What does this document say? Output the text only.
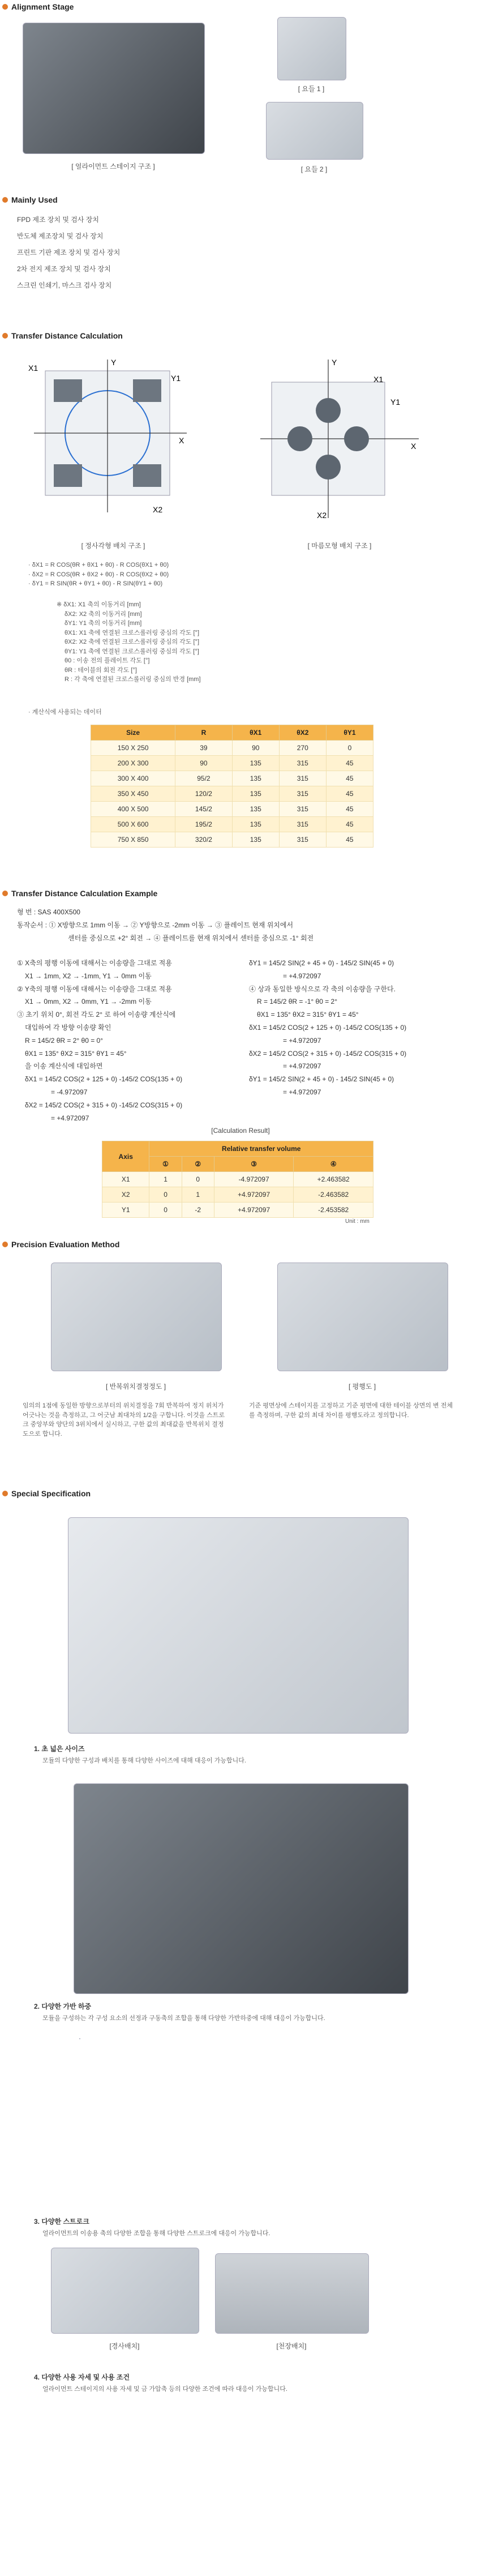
Alignment Stage
[ 얼라이먼트 스테이지 구조 ]
[ 요들 1 ]
[ 요들 2 ]
Mainly Used
FPD 제조 장치 및 검사 장치
반도체 제조장치 및 검사 장치
프린트 기판 제조 장치 및 검사 장치
2차 전지 제조 장치 및 검사 장치
스크린 인쇄기, 마스크 검사 장치
Transfer Distance Calculation
Y
X
X1
Y1
X2
[ 정사각형 배치 구조 ]
Y
X
Y1
X1
X2
[ 마름모형 배치 구조 ]
· δX1 = R COS(θR + θX1 + θ0) - R COS(θX1 + θ0)
· δX2 = R COS(θR + θX2 + θ0) - R COS(θX2 + θ0)
· δY1 = R SIN(θR + θY1 + θ0) - R SIN(θY1 + θ0)
※ δX1: X1 축의 이동거리 [mm]
δX2: X2 축의 이동거리 [mm]
δY1: Y1 축의 이동거리 [mm]
θX1: X1 축에 연결된 크로스롤러링 중심의 각도 [°]
θX2: X2 축에 연결된 크로스롤러링 중심의 각도 [°]
θY1: Y1 축에 연결된 크로스롤러링 중심의 각도 [°]
θ0 : 이송 전의 플레이트 각도 [°]
θR : 테이블의 회전 각도 [°]
R : 각 축에 연결된 크로스롤러링 중심의 반경 [mm]
· 계산식에 사용되는 데이터
Size	R	θX1	θX2	θY1
150 X 250	39	90	270	0
200 X 300	90	135	315	45
300 X 400	95/2	135	315	45
350 X 450	120/2	135	315	45
400 X 500	145/2	135	315	45
500 X 600	195/2	135	315	45
750 X 850	320/2	135	315	45
Transfer Distance Calculation Example
형 번 : SAS 400X500
동작순서 : ① X방향으로 1mm 이동 → ② Y방향으로 -2mm 이동 → ③ 플레이트 현재 위치에서
센터를 중심으로 +2° 회전 → ④ 플레이트를 현재 위치에서 센터를 중심으로 -1° 회전
① X축의 평행 이동에 대해서는 이송량을 그대로 적용
X1 → 1mm, X2 → -1mm, Y1 → 0mm 이동
② Y축의 평행 이동에 대해서는 이송량을 그대로 적용
X1 → 0mm, X2 → 0mm, Y1 → -2mm 이동
③ 초기 위치 0°, 회전 각도 2° 로 하여 이송량 계산식에
대입하여 각 방향 이송량 확인
R = 145/2 θR = 2° θ0 = 0°
θX1 = 135° θX2 = 315° θY1 = 45°
을 이송 계산식에 대입하면
δX1 = 145/2 COS(2 + 125 + 0) -145/2 COS(135 + 0)
= -4.972097
δX2 = 145/2 COS(2 + 315 + 0) -145/2 COS(315 + 0)
= +4.972097
δY1 = 145/2 SIN(2 + 45 + 0) - 145/2 SIN(45 + 0)
= +4.972097
④ 상과 동일한 방식으로 각 축의 이송량을 구한다.
R = 145/2 θR = -1° θ0 = 2°
θX1 = 135° θX2 = 315° θY1 = 45°
δX1 = 145/2 COS(2 + 125 + 0) -145/2 COS(135 + 0)
= +4.972097
δX2 = 145/2 COS(2 + 315 + 0) -145/2 COS(315 + 0)
= +4.972097
δY1 = 145/2 SIN(2 + 45 + 0) - 145/2 SIN(45 + 0)
= +4.972097
[Calculation Result]
Axis	Relative transfer volume			
	①	②	③	④
X1	1	0	-4.972097	+2.463582
X2	0	1	+4.972097	-2.463582
Y1	0	-2	+4.972097	-2.453582
Unit : mm
Precision Evaluation Method
[ 반복위치결정정도 ]	[ 평행도 ]
임의의 1점에 동일한 방향으로부터의 위치결정을 7회 반복하여 정지 위치가 어긋나는 것을 측정하고, 그 어긋남 최대차의 1/2을 구합니다. 이것을 스트로크 중앙부와 양단의 3위치에서 실시하고, 구한 값의 최대값을 반복위치 결정도으로 합니다.
기준 평면상에 스테이지를 고정하고 기준 평면에 대한 테이블 상면의 변 전체를 측정하며, 구한 값의 최대 차이를 평행도라고 정의합니다.
Special Specification
1. 초 넓은 사이즈
모듈의 다양한 구성과 배치를 통해 다양한 사이즈에 대해 대응이 가능합니다.
2. 다양한 가반 하중
모듈을 구성하는 각 구성 요소의 선정과 구동축의 조합을 통해 다양한 가반하중에 대해 대응이 가능합니다.
3. 다양한 스트로크
얼라이먼트의 이송용 축의 다양한 조합을 통해 다양한 스트로크에 대응이 가능합니다.
[경사배치]	[천장배치]
4. 다양한 사용 자세 및 사용 조건
얼라이먼트 스테이지의 사용 자세 및 금 가압축 등의 다양한 조건에 따라 대응이 가능합니다.
